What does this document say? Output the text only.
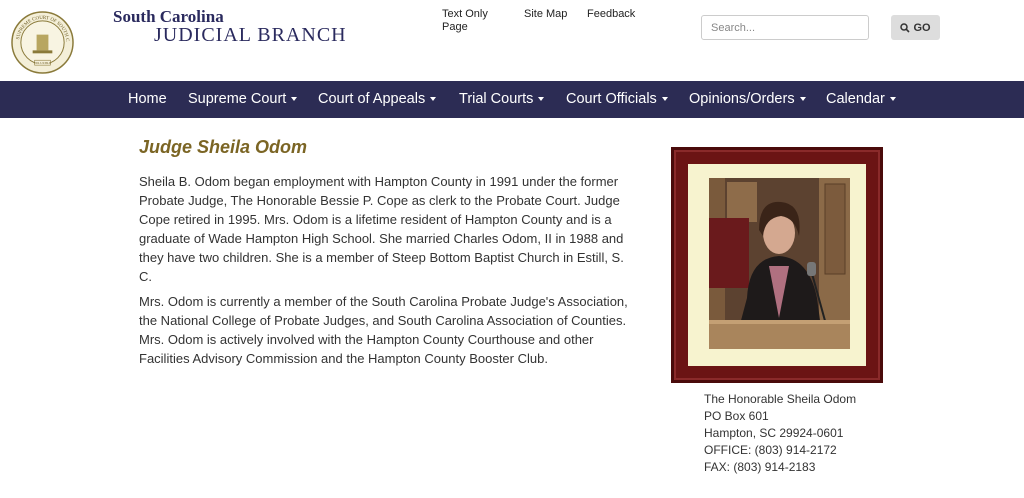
SUPREME COURT OF SOUTH C
NIL ULTRA
South Carolina
JUDICIAL BRANCH
Text Only Page
Site Map Feedback
Search...
GO
Home Supreme Court	Court of Appeals	Trial Courts	Court Officials	Opinions/Orders	Calendar
Judge Sheila Odom

Sheila B. Odom began employment with Hampton County in 1991 under the former Probate Judge, The Honorable Bessie P. Cope as clerk to the Probate Court. Judge Cope retired in 1995. Mrs. Odom is a lifetime resident of Hampton County and is a graduate of Wade Hampton High School. She married Charles Odom, II in 1988 and they have two children. She is a member of Steep Bottom Baptist Church in Estill, S. C.

Mrs. Odom is currently a member of the South Carolina Probate Judge's Association, the National College of Probate Judges, and South Carolina Association of Counties. Mrs. Odom is actively involved with the Hampton County Courthouse and other Facilities Advisory Commission and the Hampton County Booster Club.

The Honorable Sheila Odom
PO Box 601
Hampton, SC 29924-0601
OFFICE: (803) 914-2172
FAX: (803) 914-2183
